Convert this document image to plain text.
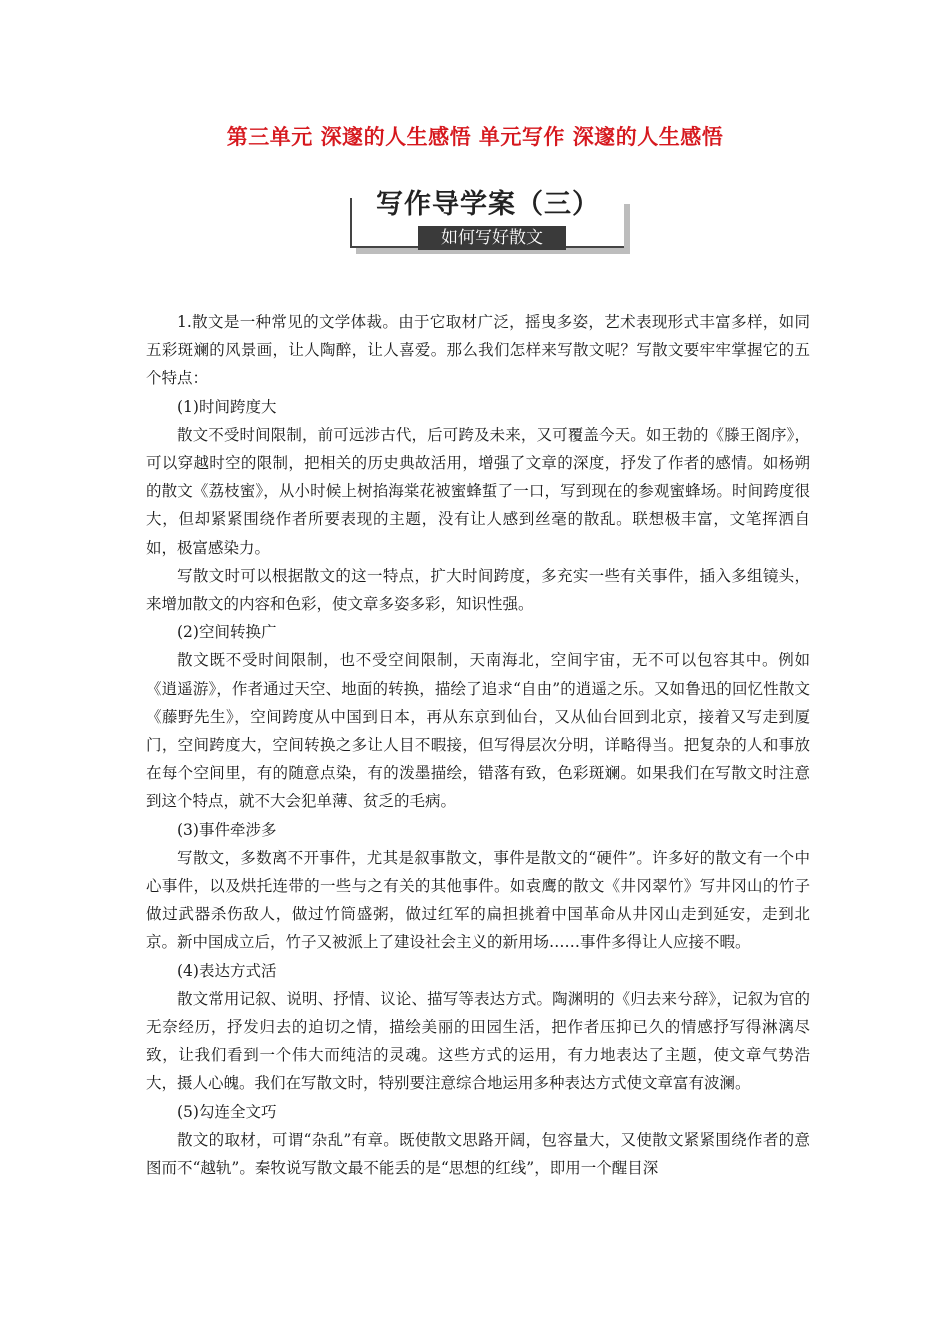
第三单元 深邃的人生感悟 单元写作 深邃的人生感悟
写作导学案（三）
如何写好散文

1.散文是一种常见的文学体裁。由于它取材广泛，摇曳多姿，艺术表现形式丰富多样，如同五彩斑斓的风景画，让人陶醉，让人喜爱。那么我们怎样来写散文呢？写散文要牢牢掌握它的五个特点：

(1)时间跨度大

散文不受时间限制，前可远涉古代，后可跨及未来，又可覆盖今天。如王勃的《滕王阁序》，可以穿越时空的限制，把相关的历史典故活用，增强了文章的深度，抒发了作者的感情。如杨朔的散文《荔枝蜜》，从小时候上树掐海棠花被蜜蜂蜇了一口，写到现在的参观蜜蜂场。时间跨度很大，但却紧紧围绕作者所要表现的主题，没有让人感到丝毫的散乱。联想极丰富，文笔挥洒自如，极富感染力。

写散文时可以根据散文的这一特点，扩大时间跨度，多充实一些有关事件，插入多组镜头，来增加散文的内容和色彩，使文章多姿多彩，知识性强。

(2)空间转换广

散文既不受时间限制，也不受空间限制，天南海北，空间宇宙，无不可以包容其中。例如《逍遥游》，作者通过天空、地面的转换，描绘了追求“自由”的逍遥之乐。又如鲁迅的回忆性散文《藤野先生》，空间跨度从中国到日本，再从东京到仙台，又从仙台回到北京，接着又写走到厦门，空间跨度大，空间转换之多让人目不暇接，但写得层次分明，详略得当。把复杂的人和事放在每个空间里，有的随意点染，有的泼墨描绘，错落有致，色彩斑斓。如果我们在写散文时注意到这个特点，就不大会犯单薄、贫乏的毛病。

(3)事件牵涉多

写散文，多数离不开事件，尤其是叙事散文，事件是散文的“硬件”。许多好的散文有一个中心事件，以及烘托连带的一些与之有关的其他事件。如袁鹰的散文《井冈翠竹》写井冈山的竹子做过武器杀伤敌人，做过竹筒盛粥，做过红军的扁担挑着中国革命从井冈山走到延安，走到北京。新中国成立后，竹子又被派上了建设社会主义的新用场……事件多得让人应接不暇。

(4)表达方式活

散文常用记叙、说明、抒情、议论、描写等表达方式。陶渊明的《归去来兮辞》，记叙为官的无奈经历，抒发归去的迫切之情，描绘美丽的田园生活，把作者压抑已久的情感抒写得淋漓尽致，让我们看到一个伟大而纯洁的灵魂。这些方式的运用，有力地表达了主题，使文章气势浩大，摄人心魄。我们在写散文时，特别要注意综合地运用多种表达方式使文章富有波澜。

(5)勾连全文巧

散文的取材，可谓“杂乱”有章。既使散文思路开阔，包容量大，又使散文紧紧围绕作者的意图而不“越轨”。秦牧说写散文最不能丢的是“思想的红线”，即用一个醒目深
